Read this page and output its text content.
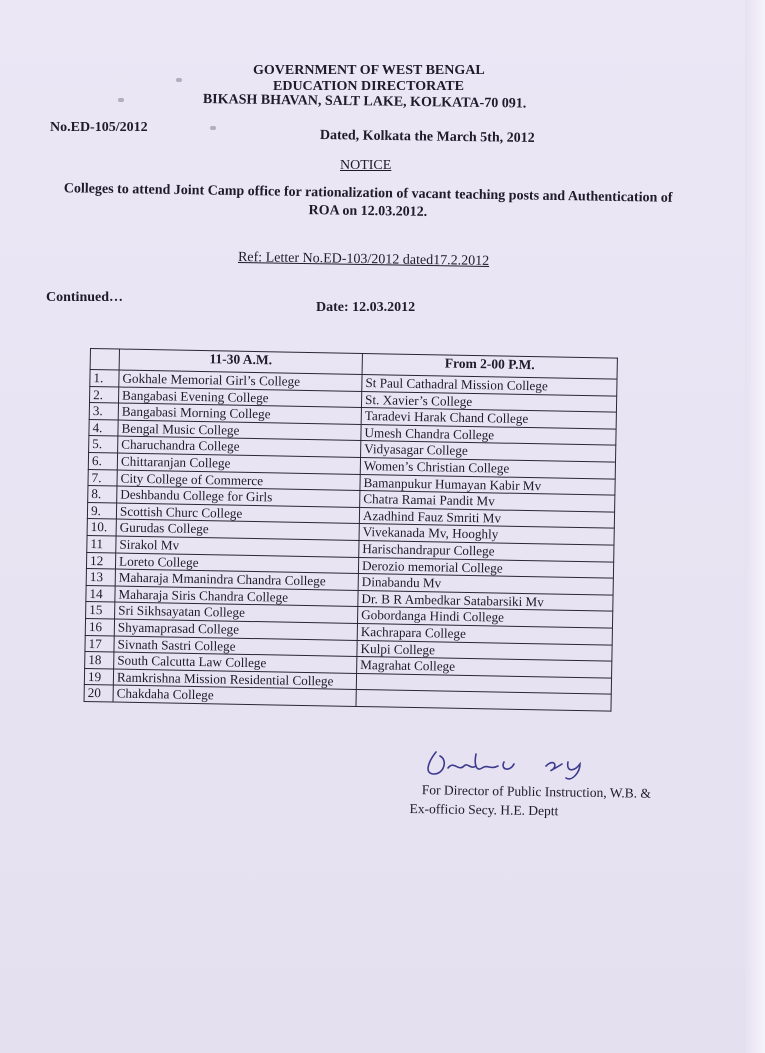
GOVERNMENT OF WEST BENGAL
EDUCATION DIRECTORATE
BIKASH BHAVAN, SALT LAKE, KOLKATA-70 091.
No.ED-105/2012
Dated, Kolkata the March 5th, 2012
NOTICE
Colleges to attend Joint Camp office for rationalization of vacant teaching posts and Authentication of
ROA on 12.03.2012.
Ref: Letter No.ED-103/2012 dated17.2.2012
Continued…
Date: 12.03.2012
	11-30 A.M.	From 2-00 P.M.
1.	Gokhale Memorial Girl’s College	St Paul Cathadral Mission College
2.	Bangabasi Evening College	St. Xavier’s College
3.	Bangabasi Morning College	Taradevi Harak Chand College
4.	Bengal Music College	Umesh Chandra College
5.	Charuchandra College	Vidyasagar College
6.	Chittaranjan College	Women’s Christian College
7.	City College of Commerce	Bamanpukur Humayan Kabir Mv
8.	Deshbandu College for Girls	Chatra Ramai Pandit Mv
9.	Scottish Churc College	Azadhind Fauz Smriti Mv
10.	Gurudas College	Vivekanada Mv, Hooghly
11	Sirakol Mv	Harischandrapur College
12	Loreto College	Derozio memorial College
13	Maharaja Mmanindra Chandra College	Dinabandu Mv
14	Maharaja Siris Chandra College	Dr. B R Ambedkar Satabarsiki Mv
15	Sri Sikhsayatan College	Gobordanga Hindi College
16	Shyamaprasad College	Kachrapara College
17	Sivnath Sastri College	Kulpi College
18	South Calcutta Law College	Magrahat College
19	Ramkrishna Mission Residential College	
20	Chakdaha College	
For Director of Public Instruction, W.B. &
Ex-officio Secy. H.E. Deptt
